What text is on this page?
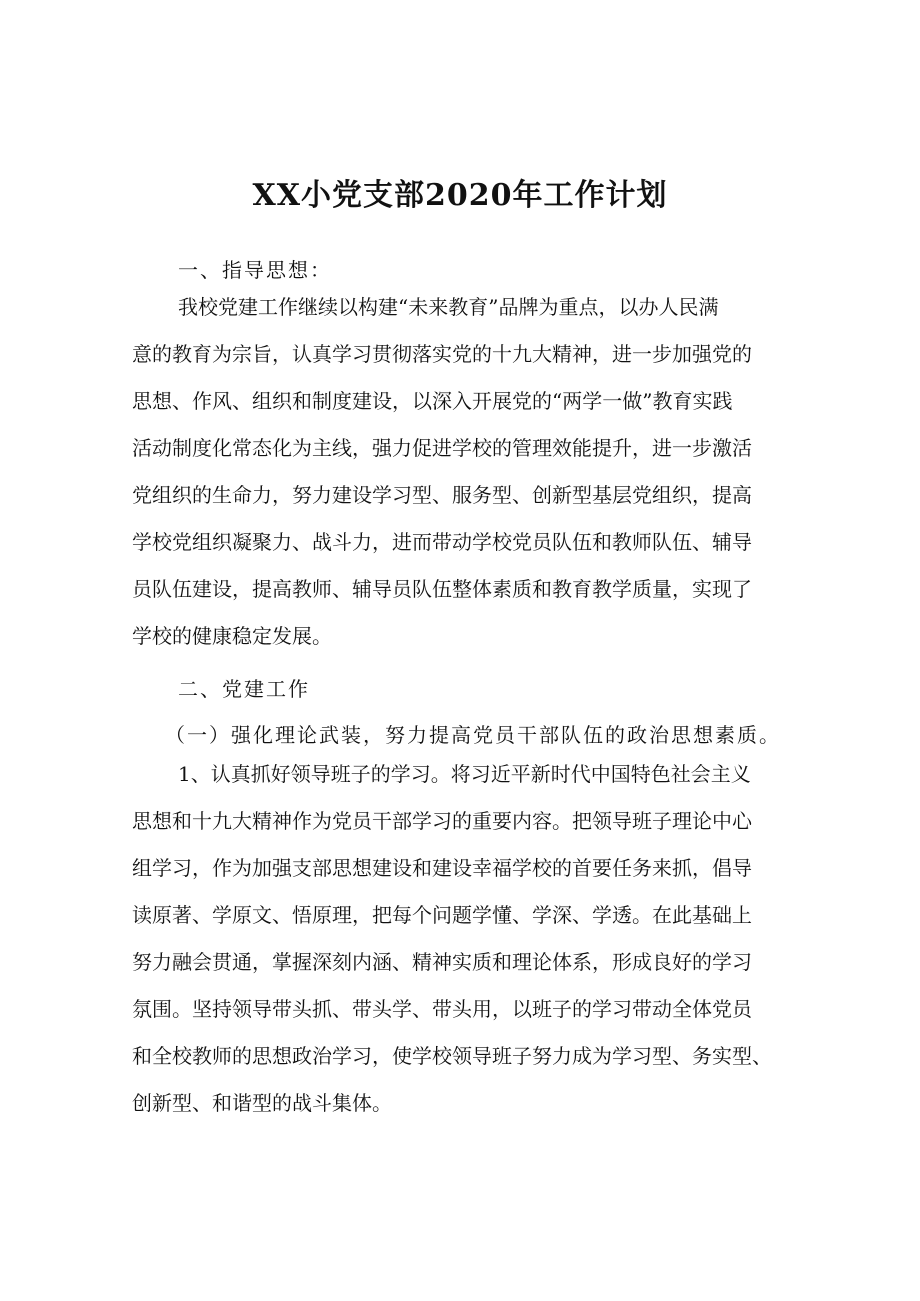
XX小党支部2020年工作计划

一、指导思想：

我校党建工作继续以构建“未来教育”品牌为重点，以办人民满
意的教育为宗旨，认真学习贯彻落实党的十九大精神，进一步加强党的
思想、作风、组织和制度建设，以深入开展党的“两学一做”教育实践
活动制度化常态化为主线，强力促进学校的管理效能提升，进一步激活
党组织的生命力，努力建设学习型、服务型、创新型基层党组织，提高
学校党组织凝聚力、战斗力，进而带动学校党员队伍和教师队伍、辅导
员队伍建设，提高教师、辅导员队伍整体素质和教育教学质量，实现了
学校的健康稳定发展。

二、党建工作

（一）强化理论武装，努力提高党员干部队伍的政治思想素质。

1、认真抓好领导班子的学习。将习近平新时代中国特色社会主义
思想和十九大精神作为党员干部学习的重要内容。把领导班子理论中心
组学习，作为加强支部思想建设和建设幸福学校的首要任务来抓，倡导
读原著、学原文、悟原理，把每个问题学懂、学深、学透。在此基础上
努力融会贯通，掌握深刻内涵、精神实质和理论体系，形成良好的学习
氛围。坚持领导带头抓、带头学、带头用，以班子的学习带动全体党员
和全校教师的思想政治学习，使学校领导班子努力成为学习型、务实型、
创新型、和谐型的战斗集体。
